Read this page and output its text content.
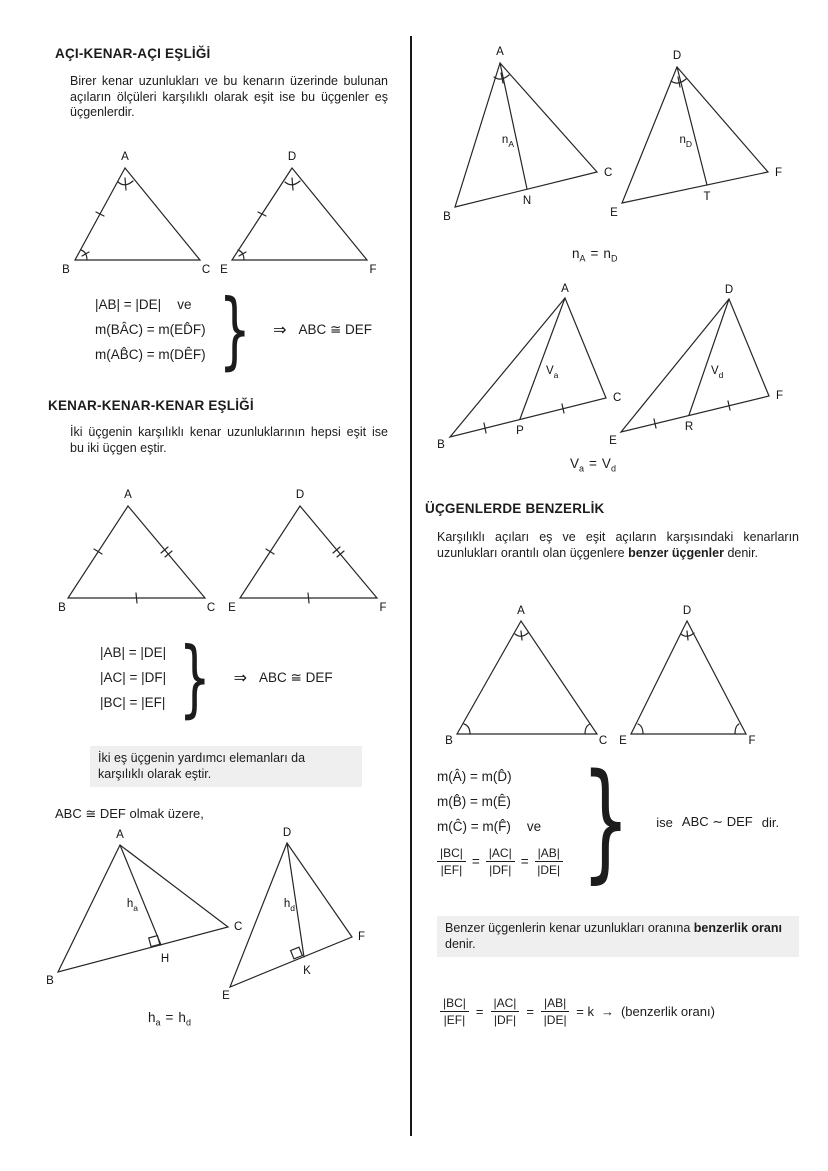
AÇI-KENAR-AÇI EŞLİĞİ

Birer kenar uzunlukları ve bu kenarın üzerinde bulunan açıların ölçüleri karşılıklı olarak eşit ise bu üçgenler eş üçgenlerdir.

A
B	C
D
E	F
|AB| = |DE| ve
m(BÂC) = m(ED̂F)
m(AB̂C) = m(DÊF) } ⇒ ABC ≅ DEF
KENAR-KENAR-KENAR EŞLİĞİ

İki üçgenin karşılıklı kenar uzunluklarının hepsi eşit ise bu iki üçgen eştir.

A
B	C
D
E	F
|AB| = |DE|
|AC| = |DF|
|BC| = |EF| } ⇒ ABC ≅ DEF

İki eş üçgenin yardımcı elemanları da karşılıklı olarak eştir.

ABC ≅ DEF olmak üzere,
A
B
C
H
$h_a$
D
E
F
K
$h_d$
$h_a = h_d$
A
B
C
N
$n_A$
D
E
F
T
$n_D$
$n_A = n_D$
A
B
C
P
$V_a$
D
E
F
R
$V_d$
$V_a = V_d$
ÜÇGENLERDE BENZERLİK

Karşılıklı açıları eş ve eşit açıların karşısındaki kenarların uzunlukları orantılı olan üçgenlere benzer üçgenler denir.

A
B	C
D
E	F
m(Â) = m(D̂)
m(B̂) = m(Ê)
m(Ĉ) = m(F̂) ve
$\frac{|BC|}{|EF|} = \frac{|AC|}{|DF|} = \frac{|AB|}{|DE|}$ } ise ABC ∼ DEF dir.

Benzer üçgenlerin kenar uzunlukları oranına benzerlik oranı denir.

$\frac{|BC|}{|EF|} = \frac{|AC|}{|DF|} = \frac{|AB|}{|DE|} = k$ → (benzerlik oranı)
